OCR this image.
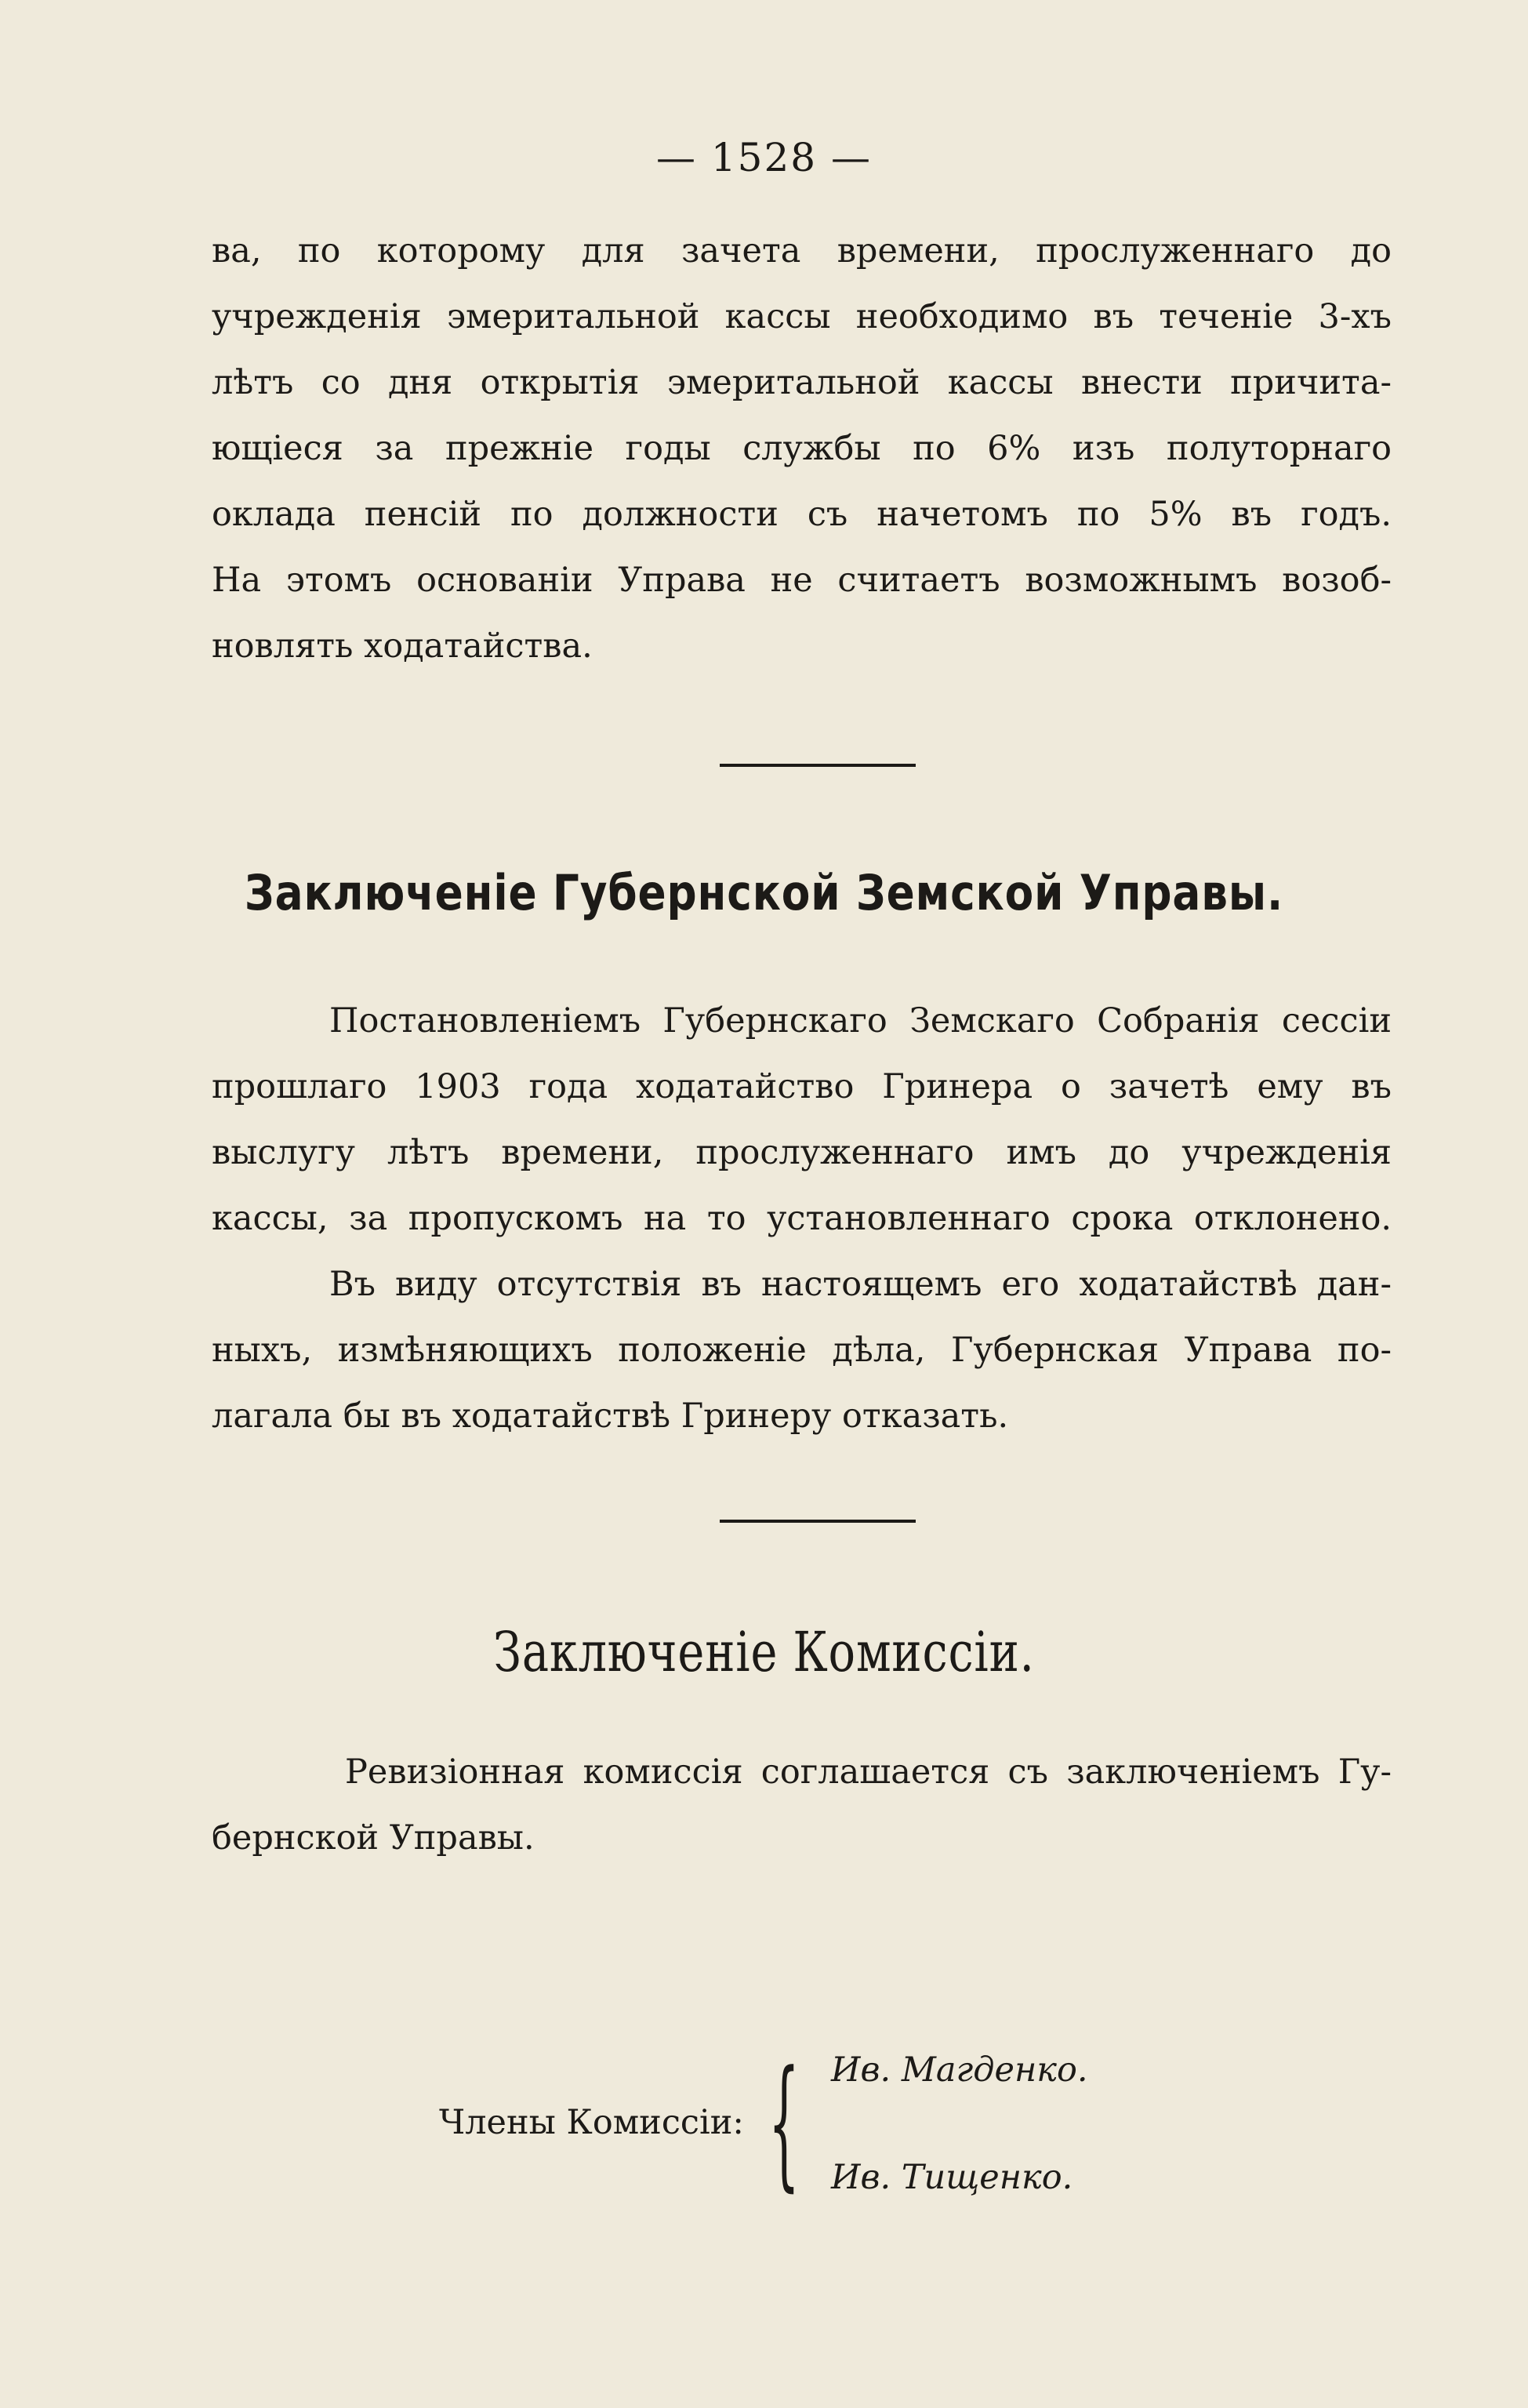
— 1528 —
ва, по которому для зачета времени, прослуженнаго до
учрежденія эмеритальной кассы необходимо въ теченіе 3-хъ
лѣтъ со дня открытія эмеритальной кассы внести причита-
ющіеся за прежніе годы службы по 6% изъ полуторнаго
оклада пенсій по должности съ начетомъ по 5% въ годъ.
На этомъ основаніи Управа не считаетъ возможнымъ возоб-
новлять ходатайства.
Заключеніе Губернской Земской Управы.
Постановленіемъ Губернскаго Земскаго Собранія сессіи
прошлаго 1903 года ходатайство Гринера о зачетѣ ему въ
выслугу лѣтъ времени, прослуженнаго имъ до учрежденія
кассы, за пропускомъ на то установленнаго срока отклонено.
Въ виду отсутствія въ настоящемъ его ходатайствѣ дан-
ныхъ, измѣняющихъ положеніе дѣла, Губернская Управа по-
лагала бы въ ходатайствѣ Гринеру отказать.
Заключеніе Комиссіи.
Ревизіонная комиссія соглашается съ заключеніемъ Гу-
бернской Управы.
Члены Комиссіи: { Ив. Магденко.
Ив. Тищенко.
